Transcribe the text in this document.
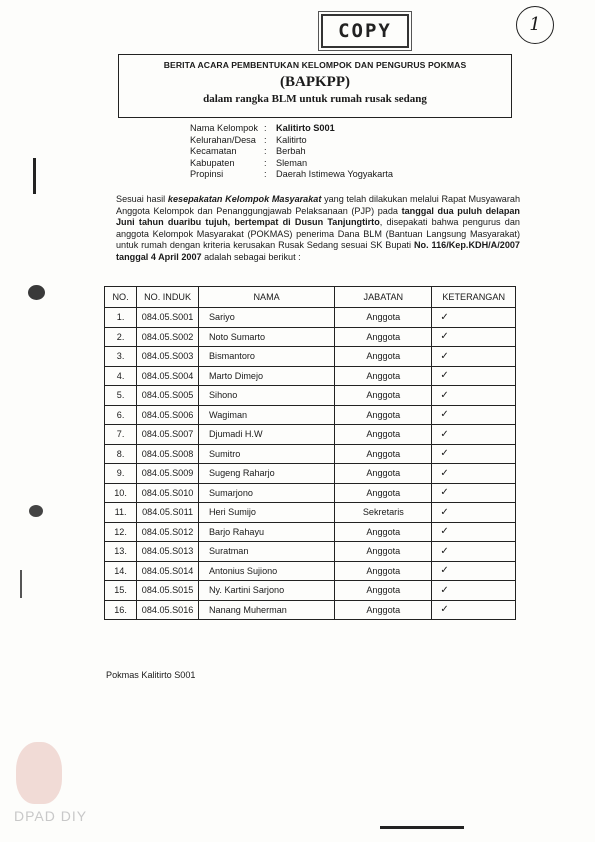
COPY	1
BERITA ACARA PEMBENTUKAN KELOMPOK DAN PENGURUS POKMAS
(BAPKPP)
dalam rangka BLM untuk rumah rusak sedang
Nama Kelompok :	Kalitirto S001
Kelurahan/Desa :	Kalitirto
Kecamatan	:	Berbah
Kabupaten	:	Sleman
Propinsi	:	Daerah Istimewa Yogyakarta
Sesuai hasil kesepakatan Kelompok Masyarakat yang telah dilakukan melalui Rapat Musyawarah Anggota Kelompok dan Penanggungjawab Pelaksanaan (PJP) pada tanggal dua puluh delapan Juni tahun duaribu tujuh, bertempat di Dusun Tanjungtirto, disepakati bahwa pengurus dan anggota Kelompok Masyarakat (POKMAS) penerima Dana BLM (Bantuan Langsung Masyarakat) untuk rumah dengan kriteria kerusakan Rusak Sedang sesuai SK Bupati No. 116/Kep.KDH/A/2007 tanggal 4 April 2007 adalah sebagai berikut :
NO.	NO. INDUK	NAMA	JABATAN	KETERANGAN
1.	084.05.S001	Sariyo	Anggota	✓
2.	084.05.S002	Noto Sumarto	Anggota	✓
3.	084.05.S003	Bismantoro	Anggota	✓
4.	084.05.S004	Marto Dimejo	Anggota	✓
5.	084.05.S005	Sihono	Anggota	✓
6.	084.05.S006	Wagiman	Anggota	✓
7.	084.05.S007	Djumadi H.W	Anggota	✓
8.	084.05.S008	Sumitro	Anggota	✓
9.	084.05.S009	Sugeng Raharjo	Anggota	✓
10.	084.05.S010	Sumarjono	Anggota	✓
11.	084.05.S011	Heri Sumijo	Sekretaris	✓
12.	084.05.S012	Barjo Rahayu	Anggota	✓
13.	084.05.S013	Suratman	Anggota	✓
14.	084.05.S014	Antonius Sujiono	Anggota	✓
15.	084.05.S015	Ny. Kartini Sarjono	Anggota	✓
16.	084.05.S016	Nanang Muherman	Anggota	✓
Pokmas Kalitirto S001
DPAD DIY
